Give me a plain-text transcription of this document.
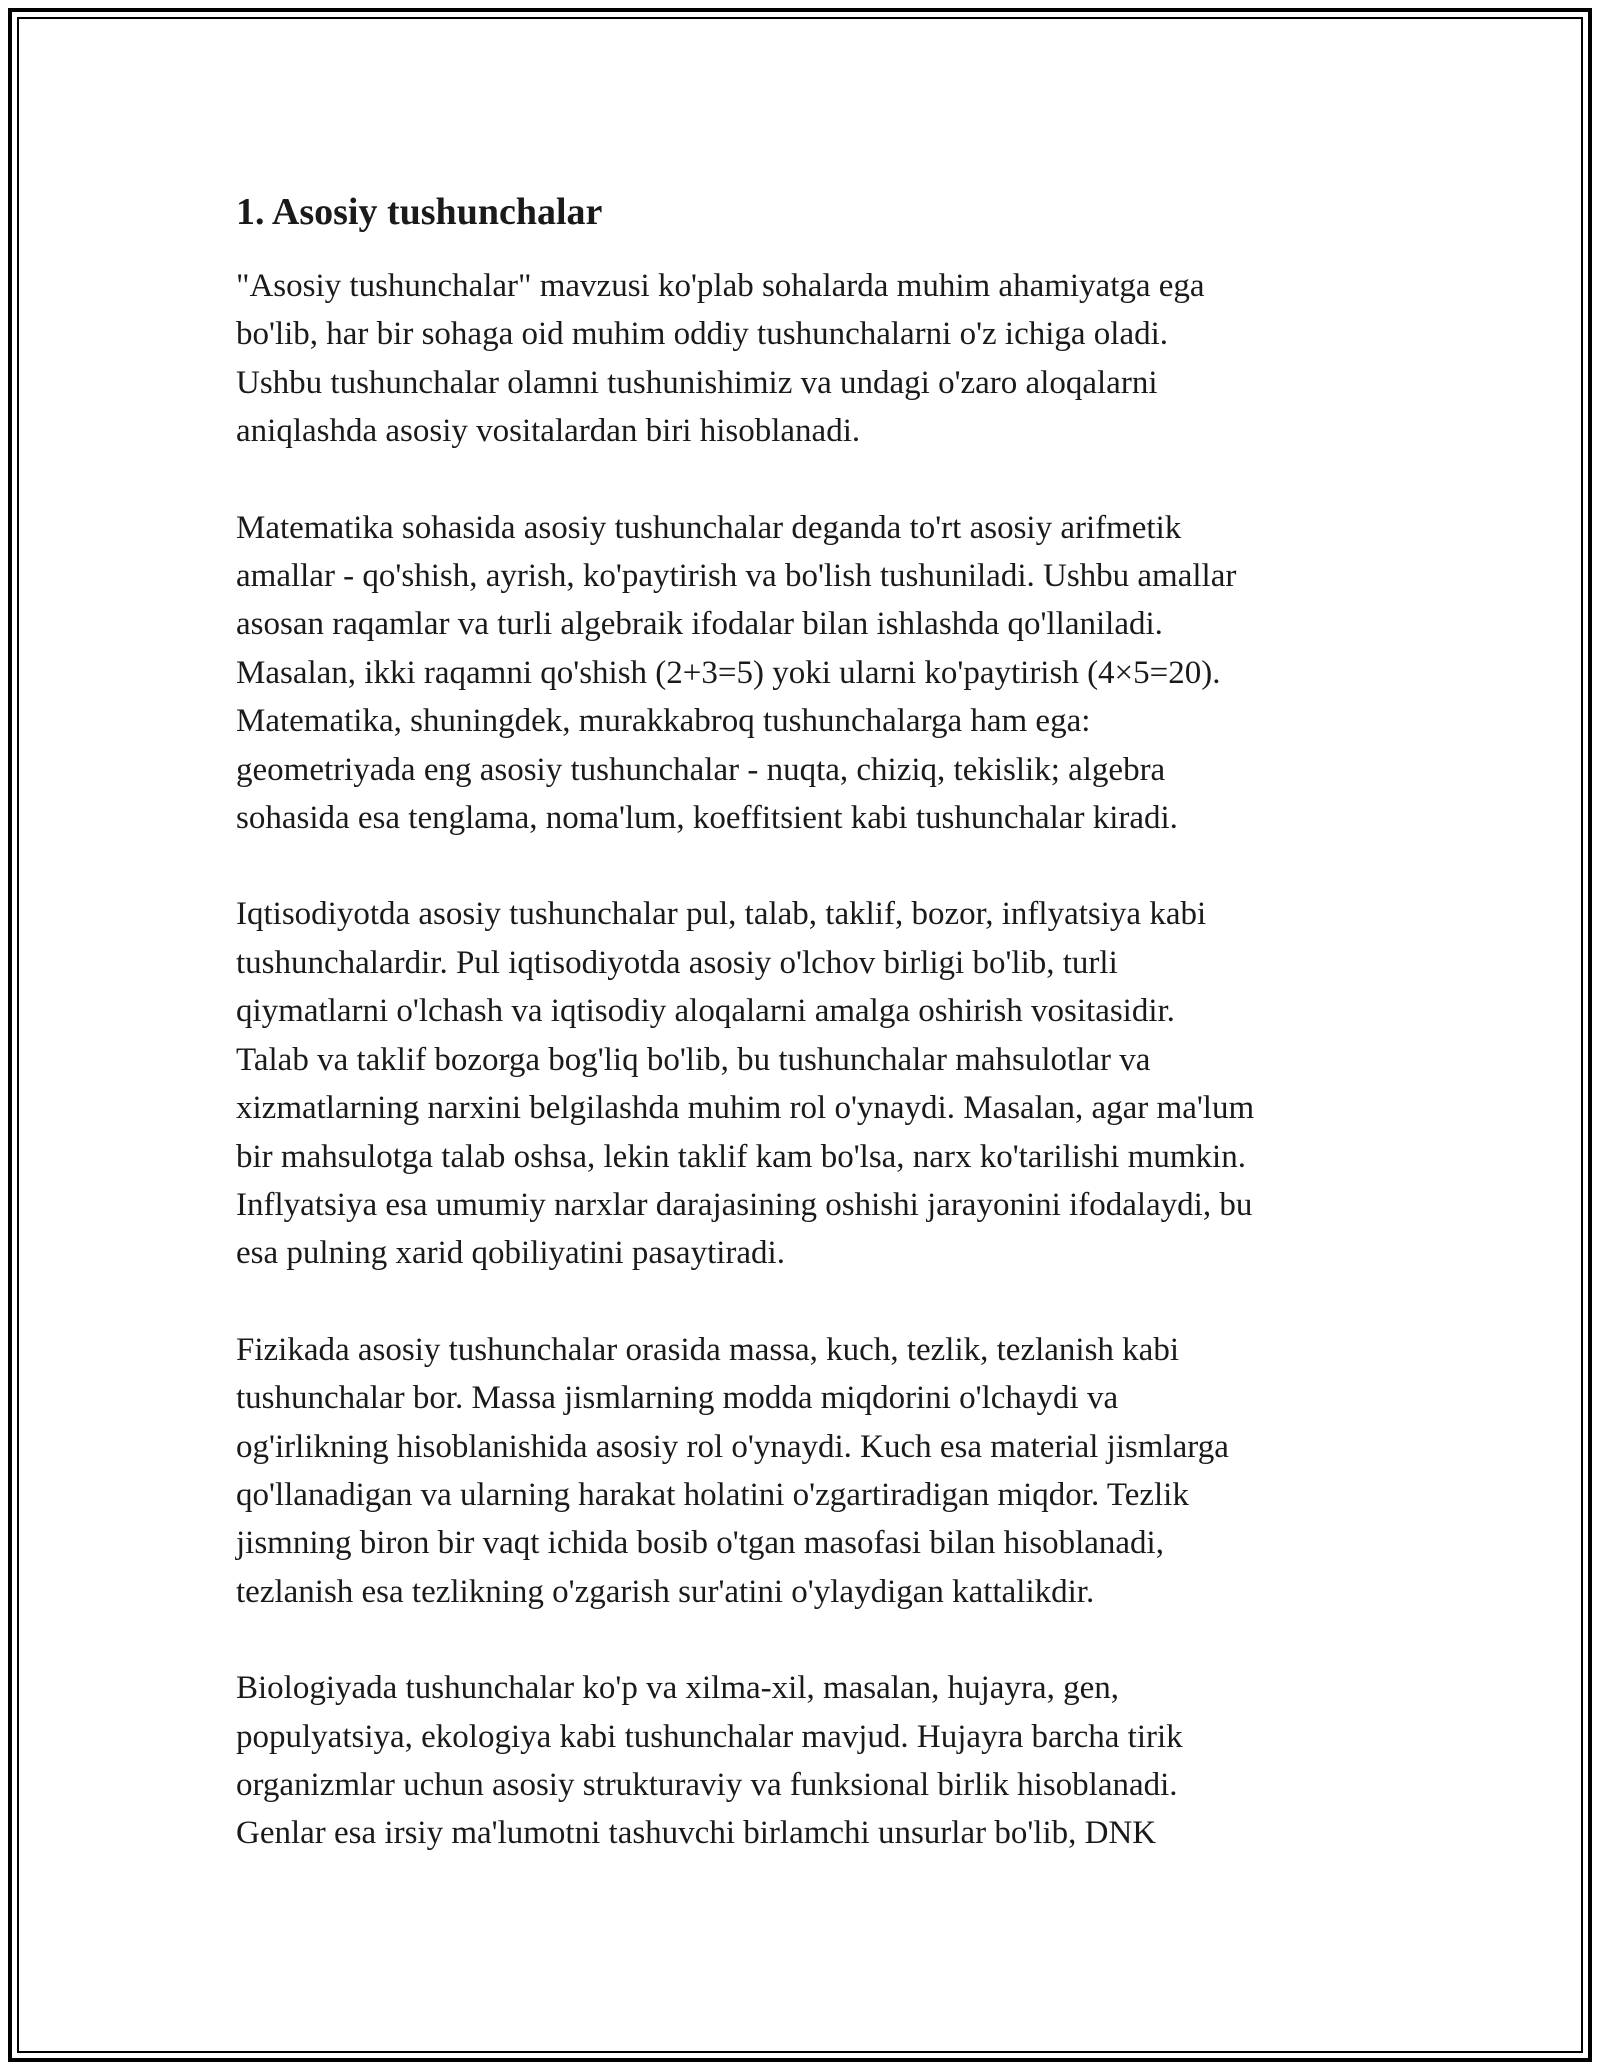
1. Asosiy tushunchalar
"Asosiy tushunchalar" mavzusi ko'plab sohalarda muhim ahamiyatga ega
bo'lib, har bir sohaga oid muhim oddiy tushunchalarni o'z ichiga oladi.
Ushbu tushunchalar olamni tushunishimiz va undagi o'zaro aloqalarni
aniqlashda asosiy vositalardan biri hisoblanadi.
Matematika sohasida asosiy tushunchalar deganda to'rt asosiy arifmetik
amallar - qo'shish, ayrish, ko'paytirish va bo'lish tushuniladi. Ushbu amallar
asosan raqamlar va turli algebraik ifodalar bilan ishlashda qo'llaniladi.
Masalan, ikki raqamni qo'shish (2+3=5) yoki ularni ko'paytirish (4×5=20).
Matematika, shuningdek, murakkabroq tushunchalarga ham ega:
geometriyada eng asosiy tushunchalar - nuqta, chiziq, tekislik; algebra
sohasida esa tenglama, noma'lum, koeffitsient kabi tushunchalar kiradi.
Iqtisodiyotda asosiy tushunchalar pul, talab, taklif, bozor, inflyatsiya kabi
tushunchalardir. Pul iqtisodiyotda asosiy o'lchov birligi bo'lib, turli
qiymatlarni o'lchash va iqtisodiy aloqalarni amalga oshirish vositasidir.
Talab va taklif bozorga bog'liq bo'lib, bu tushunchalar mahsulotlar va
xizmatlarning narxini belgilashda muhim rol o'ynaydi. Masalan, agar ma'lum
bir mahsulotga talab oshsa, lekin taklif kam bo'lsa, narx ko'tarilishi mumkin.
Inflyatsiya esa umumiy narxlar darajasining oshishi jarayonini ifodalaydi, bu
esa pulning xarid qobiliyatini pasaytiradi.
Fizikada asosiy tushunchalar orasida massa, kuch, tezlik, tezlanish kabi
tushunchalar bor. Massa jismlarning modda miqdorini o'lchaydi va
og'irlikning hisoblanishida asosiy rol o'ynaydi. Kuch esa material jismlarga
qo'llanadigan va ularning harakat holatini o'zgartiradigan miqdor. Tezlik
jismning biron bir vaqt ichida bosib o'tgan masofasi bilan hisoblanadi,
tezlanish esa tezlikning o'zgarish sur'atini o'ylaydigan kattalikdir.
Biologiyada tushunchalar ko'p va xilma-xil, masalan, hujayra, gen,
populyatsiya, ekologiya kabi tushunchalar mavjud. Hujayra barcha tirik
organizmlar uchun asosiy strukturaviy va funksional birlik hisoblanadi.
Genlar esa irsiy ma'lumotni tashuvchi birlamchi unsurlar bo'lib, DNK
